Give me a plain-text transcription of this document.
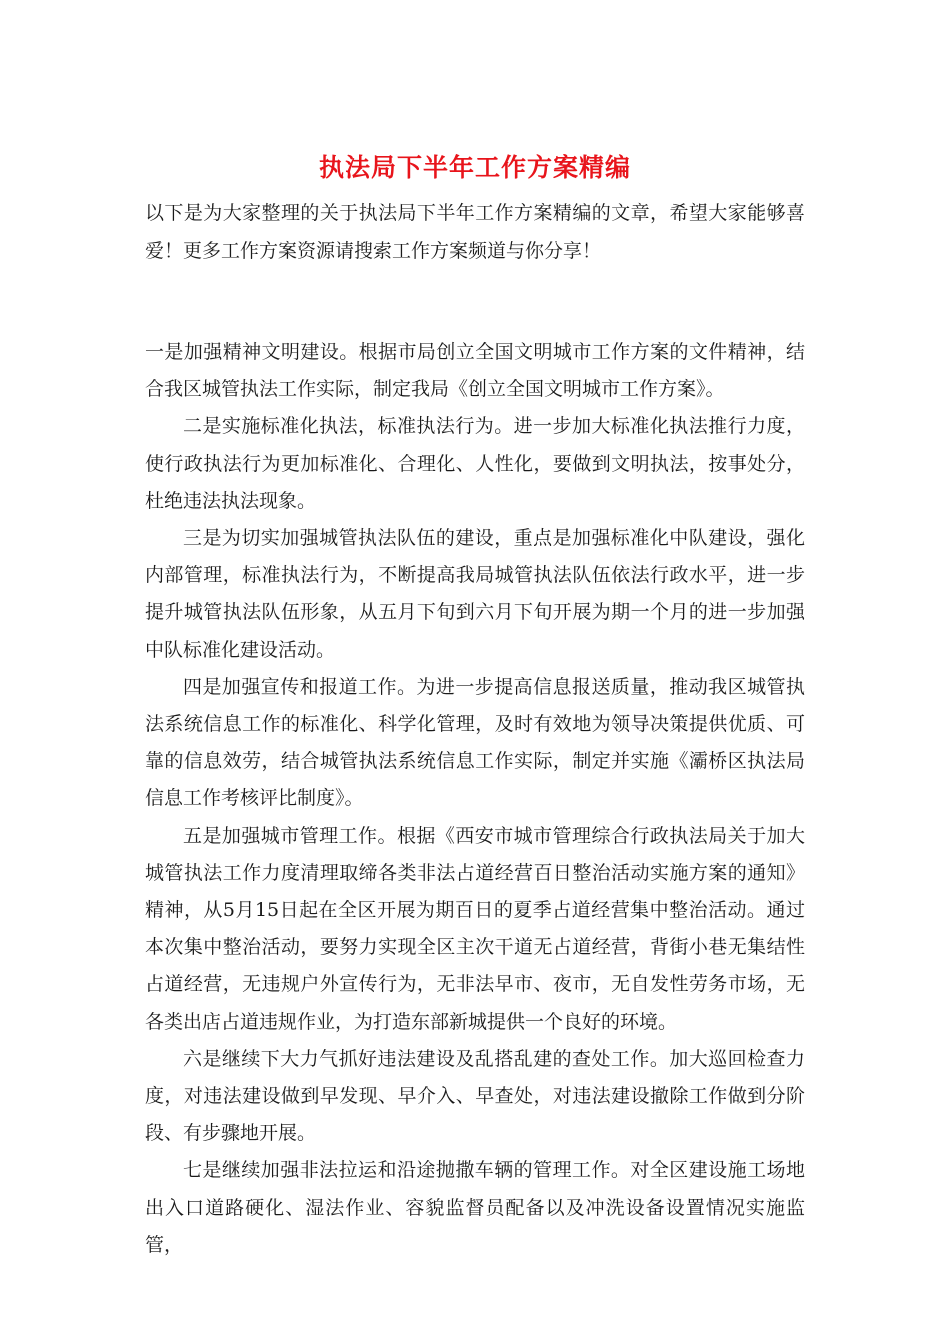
执法局下半年工作方案精编

以下是为大家整理的关于执法局下半年工作方案精编的文章，希望大家能够喜爱！更多工作方案资源请搜索工作方案频道与你分享！

一是加强精神文明建设。根据市局创立全国文明城市工作方案的文件精神，结合我区城管执法工作实际，制定我局《创立全国文明城市工作方案》。

二是实施标准化执法，标准执法行为。进一步加大标准化执法推行力度，使行政执法行为更加标准化、合理化、人性化，要做到文明执法，按事处分，杜绝违法执法现象。

三是为切实加强城管执法队伍的建设，重点是加强标准化中队建设，强化内部管理，标准执法行为，不断提高我局城管执法队伍依法行政水平，进一步提升城管执法队伍形象，从五月下旬到六月下旬开展为期一个月的进一步加强中队标准化建设活动。

四是加强宣传和报道工作。为进一步提高信息报送质量，推动我区城管执法系统信息工作的标准化、科学化管理，及时有效地为领导决策提供优质、可靠的信息效劳，结合城管执法系统信息工作实际，制定并实施《灞桥区执法局信息工作考核评比制度》。

五是加强城市管理工作。根据《西安市城市管理综合行政执法局关于加大城管执法工作力度清理取缔各类非法占道经营百日整治活动实施方案的通知》精神，从5月15日起在全区开展为期百日的夏季占道经营集中整治活动。通过本次集中整治活动，要努力实现全区主次干道无占道经营，背街小巷无集结性占道经营，无违规户外宣传行为，无非法早市、夜市，无自发性劳务市场，无各类出店占道违规作业，为打造东部新城提供一个良好的环境。

六是继续下大力气抓好违法建设及乱搭乱建的查处工作。加大巡回检查力度，对违法建设做到早发现、早介入、早查处，对违法建设撤除工作做到分阶段、有步骤地开展。

七是继续加强非法拉运和沿途抛撒车辆的管理工作。对全区建设施工场地出入口道路硬化、湿法作业、容貌监督员配备以及冲洗设备设置情况实施监管，
